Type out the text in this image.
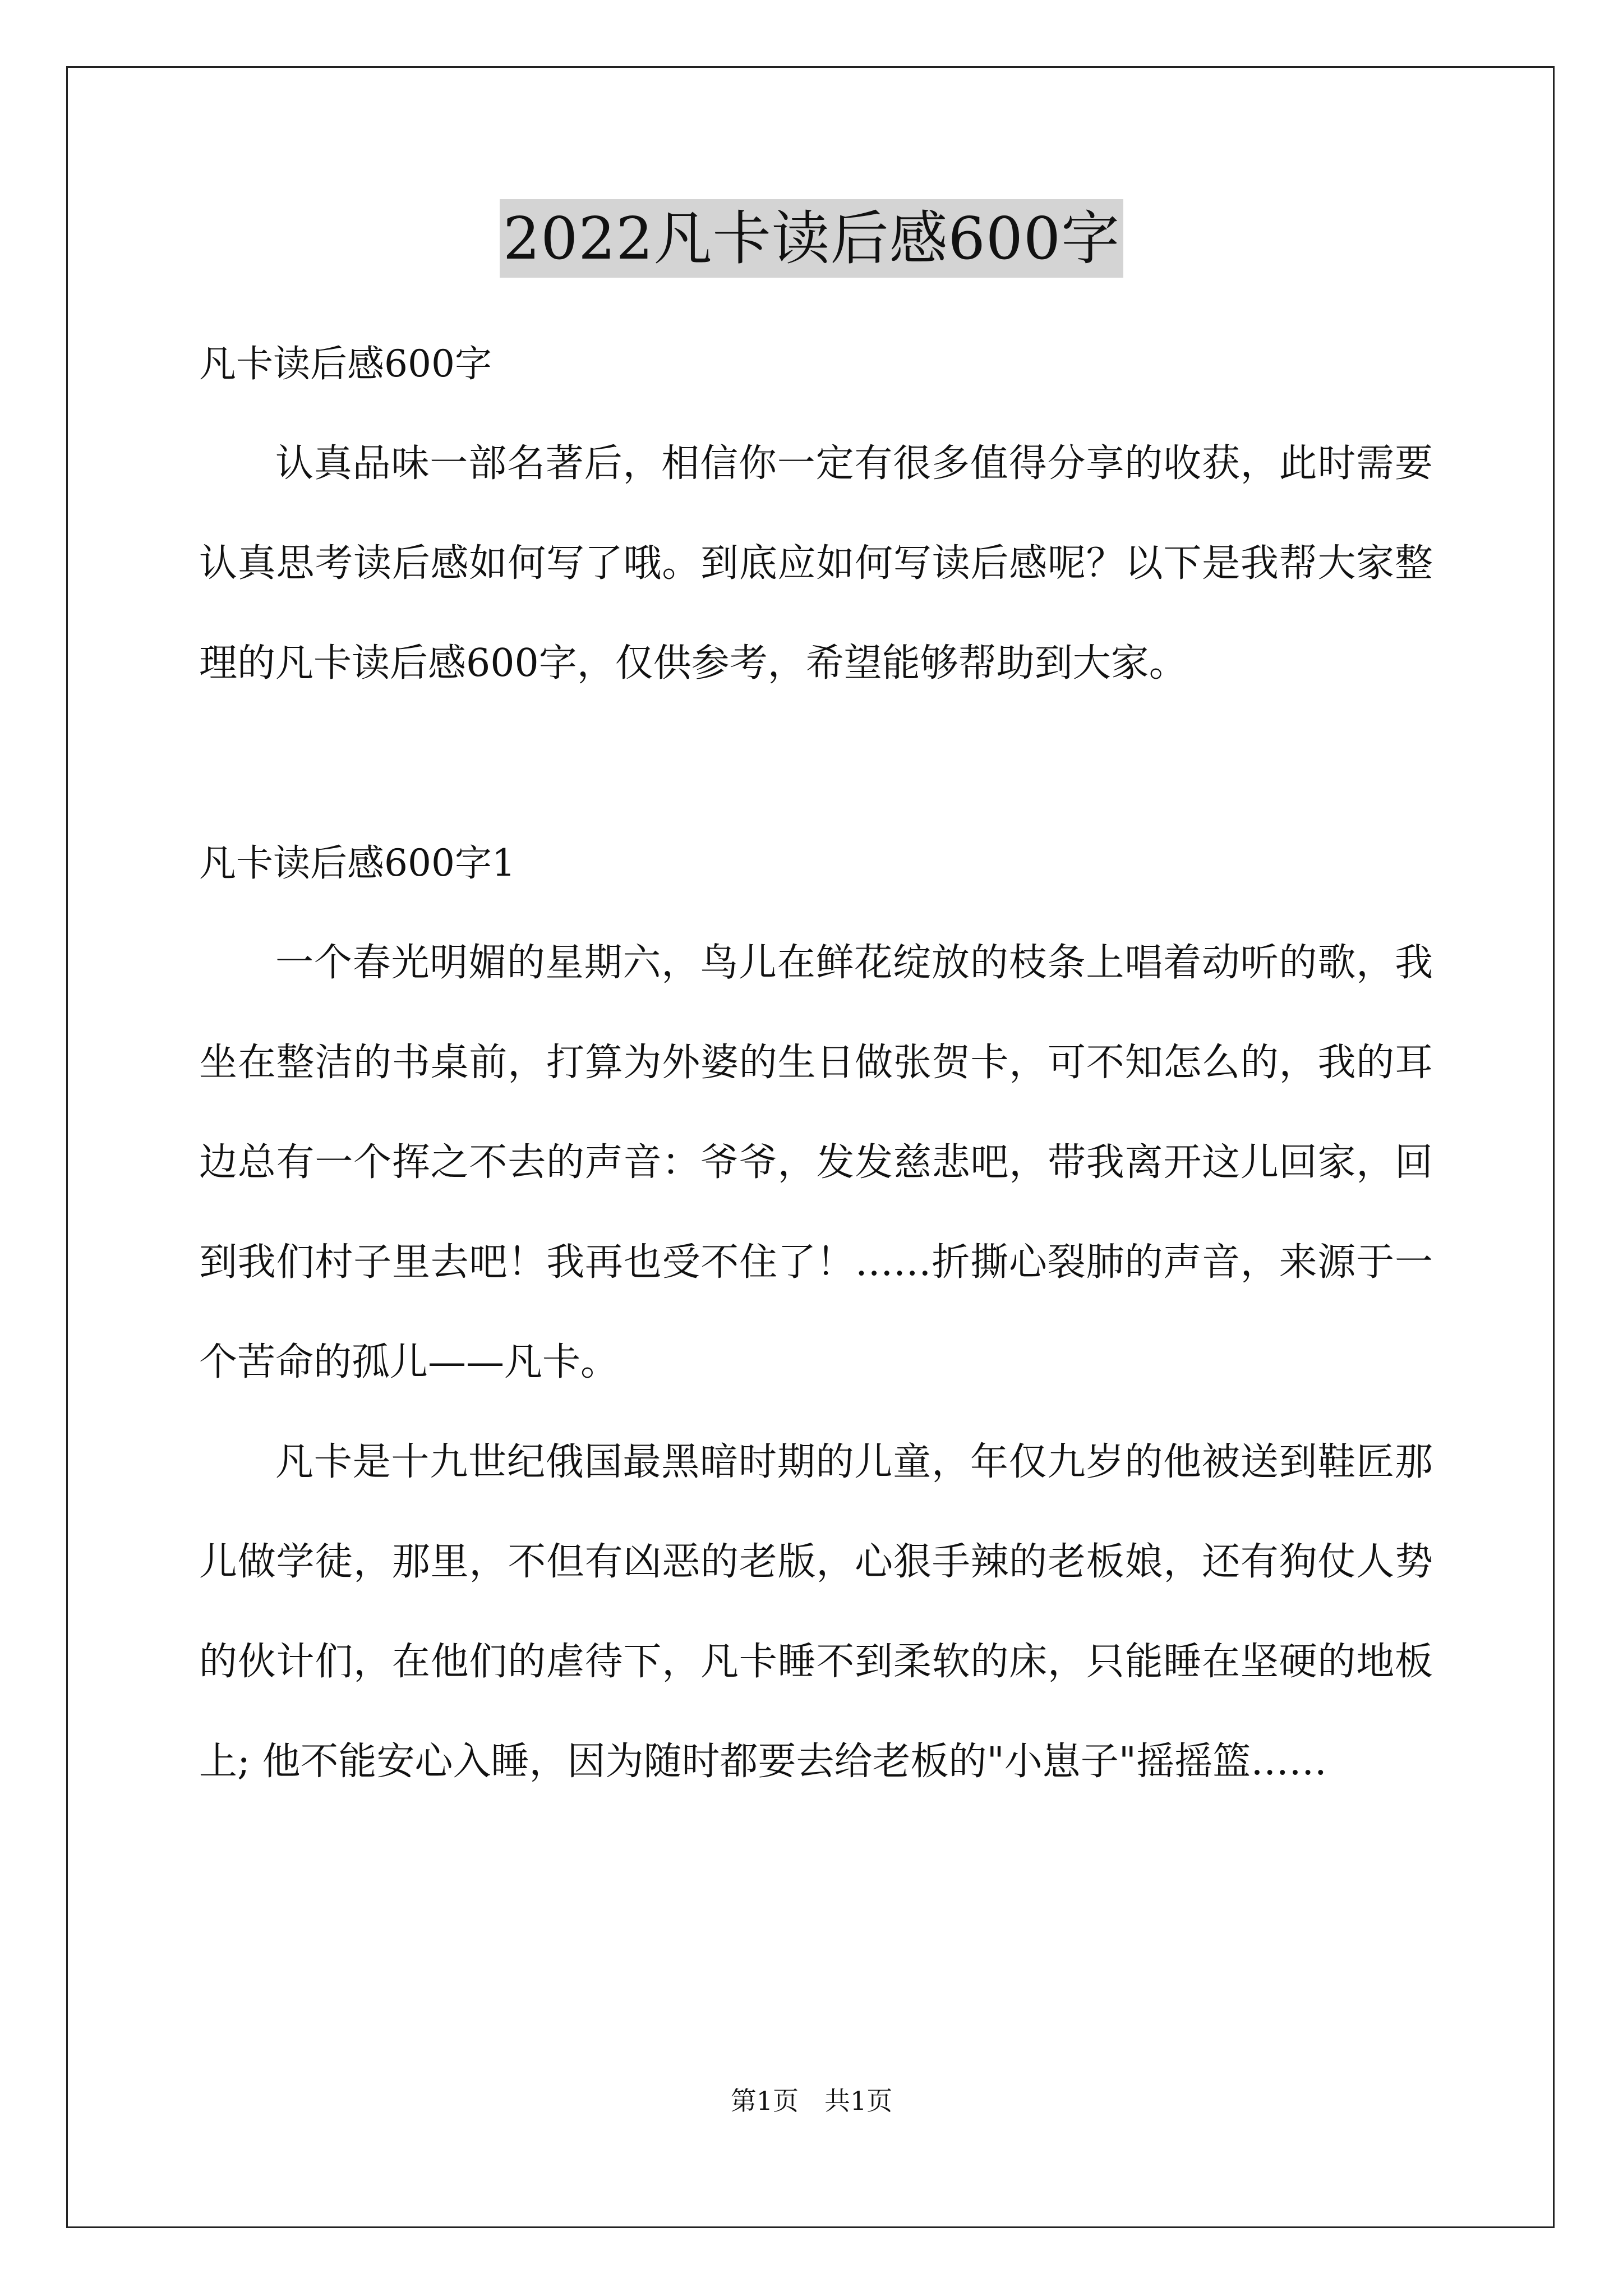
2022凡卡读后感600字

凡卡读后感600字

认真品味一部名著后，相信你一定有很多值得分享的收获，此时需要认真思考读后感如何写了哦。到底应如何写读后感呢？以下是我帮大家整理的凡卡读后感600字，仅供参考，希望能够帮助到大家。

凡卡读后感600字1

一个春光明媚的星期六，鸟儿在鲜花绽放的枝条上唱着动听的歌，我坐在整洁的书桌前，打算为外婆的生日做张贺卡，可不知怎么的，我的耳边总有一个挥之不去的声音：爷爷，发发慈悲吧，带我离开这儿回家，回到我们村子里去吧！我再也受不住了！……折撕心裂肺的声音，来源于一个苦命的孤儿——凡卡。

凡卡是十九世纪俄国最黑暗时期的儿童，年仅九岁的他被送到鞋匠那儿做学徒，那里，不但有凶恶的老版，心狠手辣的老板娘，还有狗仗人势的伙计们，在他们的虐待下，凡卡睡不到柔软的床，只能睡在坚硬的地板上; 他不能安心入睡，因为随时都要去给老板的"小崽子"摇摇篮……

第1页　共1页
